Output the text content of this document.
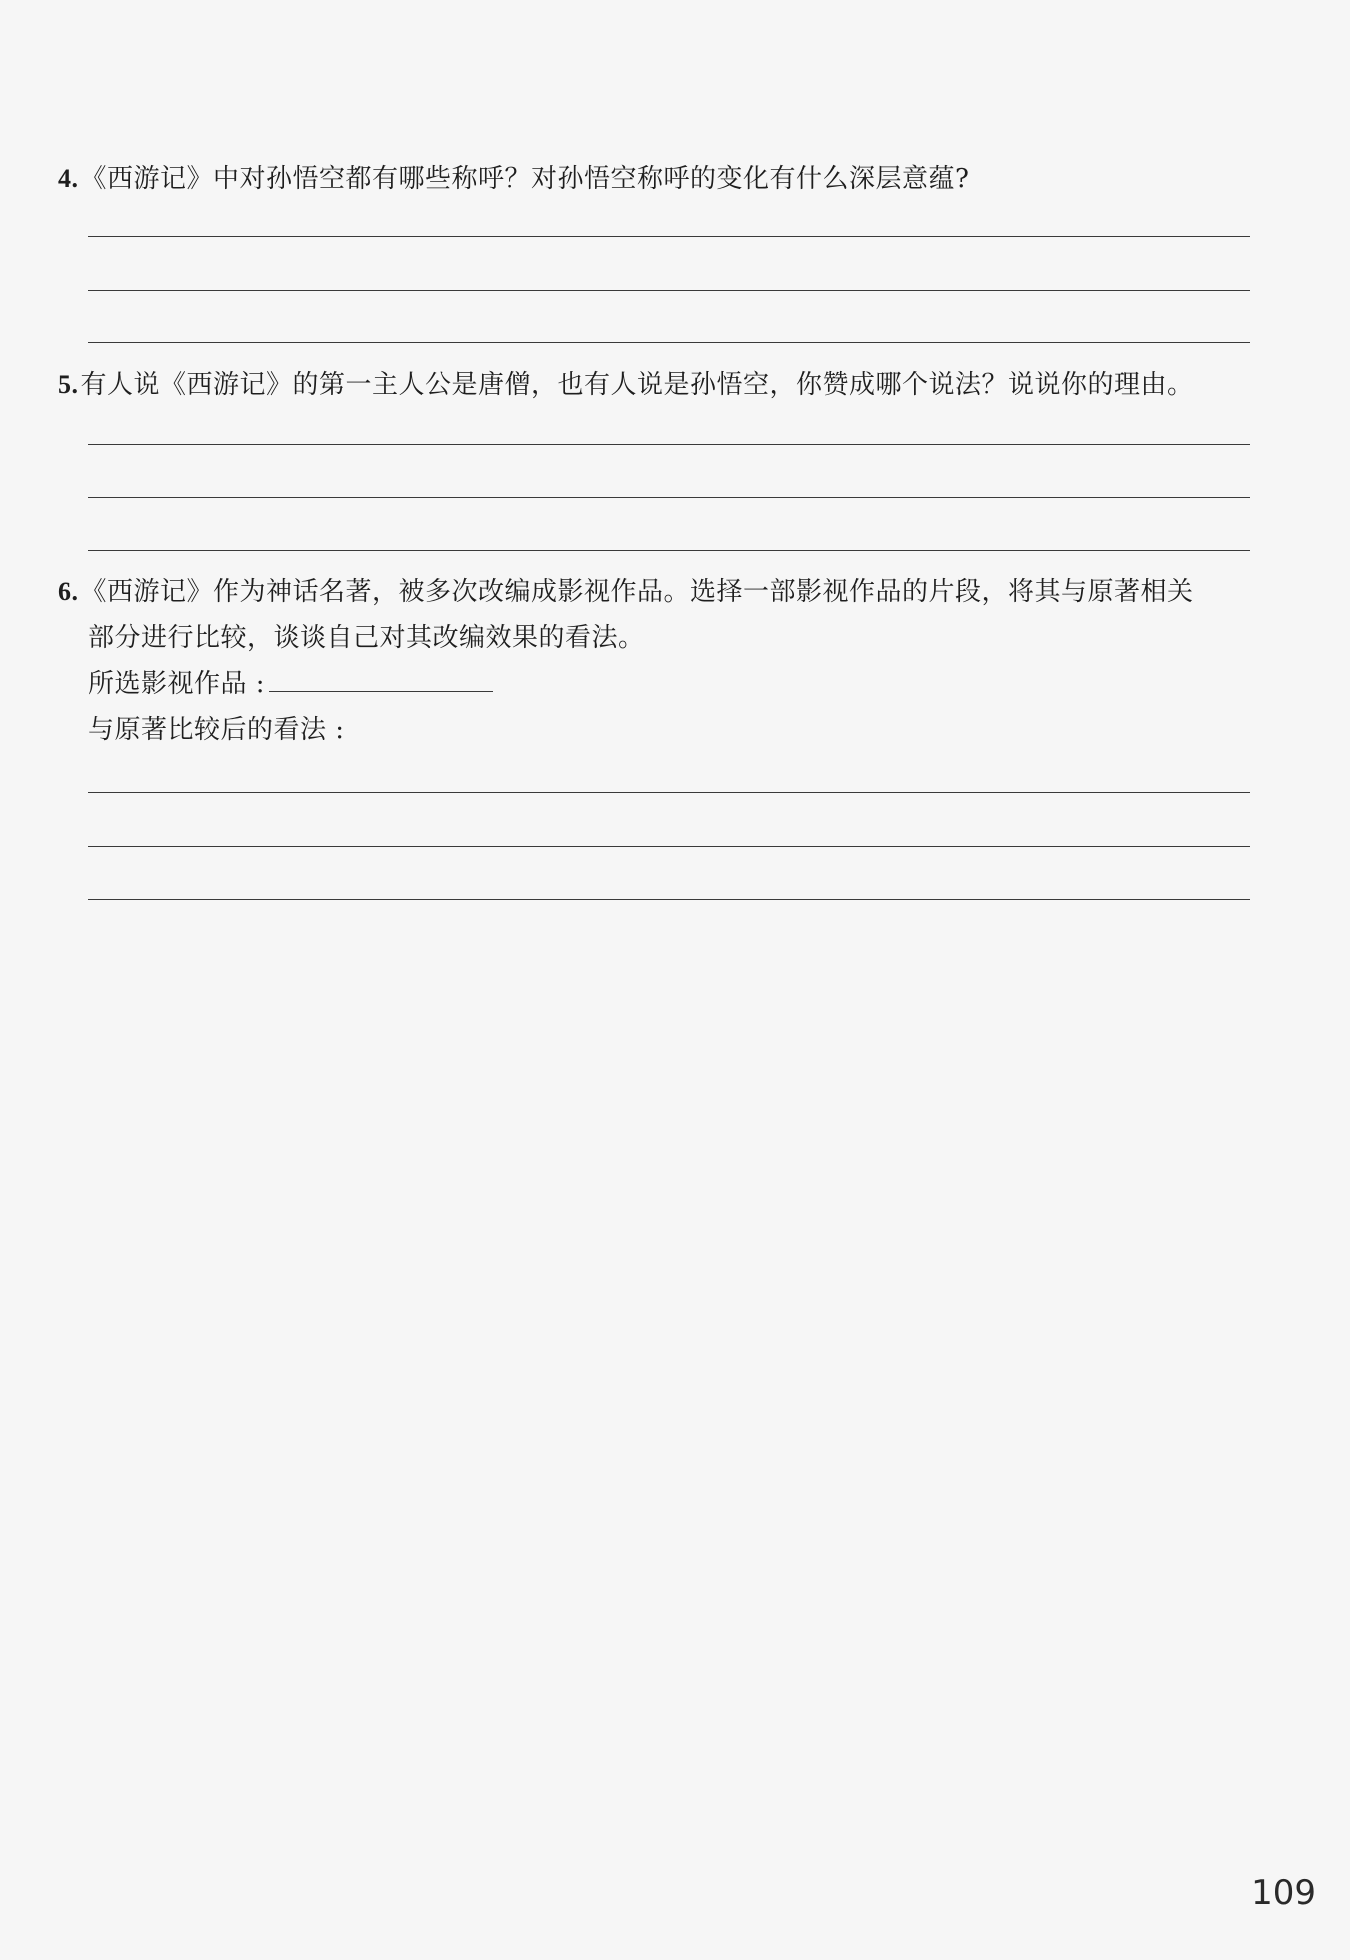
4.《西游记》中对孙悟空都有哪些称呼？对孙悟空称呼的变化有什么深层意蕴?
5.有人说《西游记》的第一主人公是唐僧，也有人说是孙悟空，你赞成哪个说法？说说你的理由。
6.《西游记》作为神话名著，被多次改编成影视作品。选择一部影视作品的片段，将其与原著相关
部分进行比较，谈谈自己对其改编效果的看法。
所选影视作品 :
与原著比较后的看法 :
109
